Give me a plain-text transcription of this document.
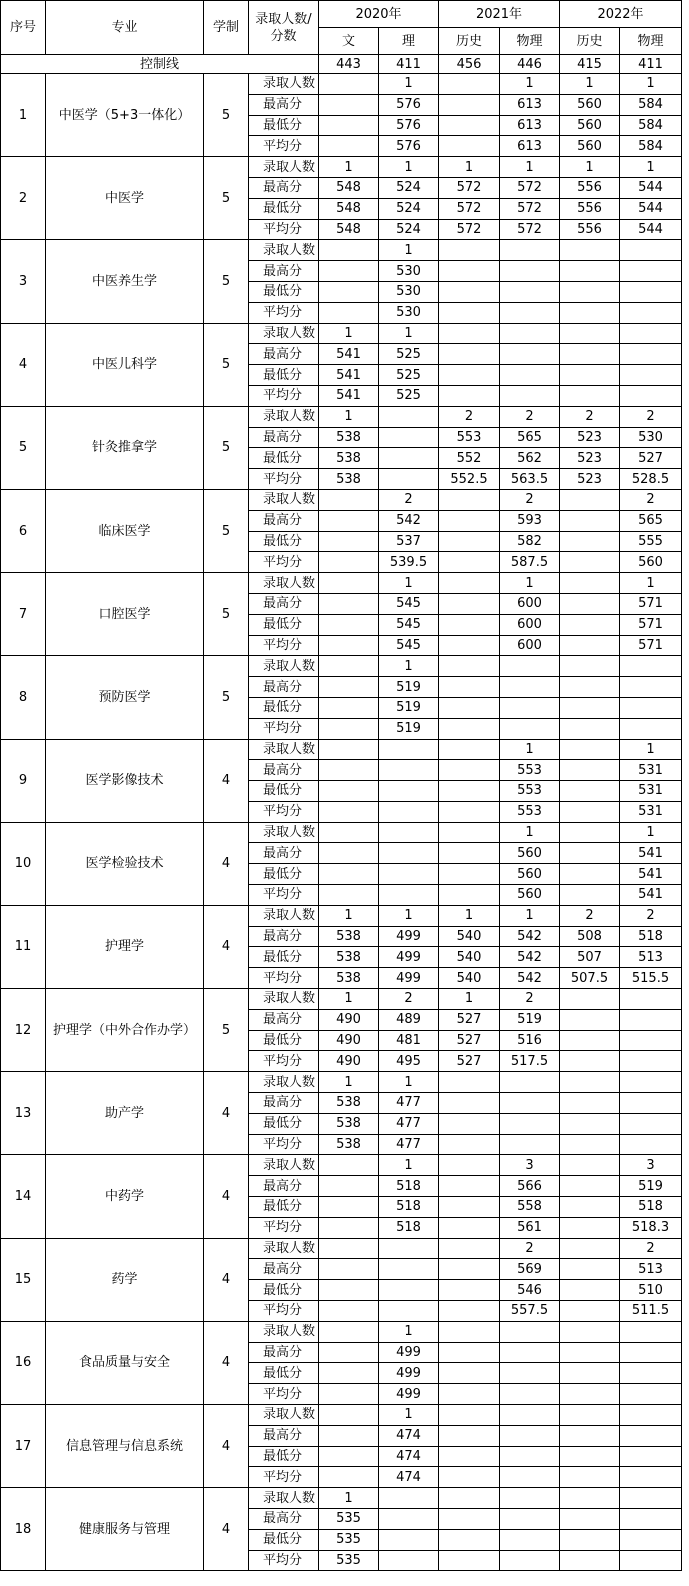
序号	专业	学制	录取人数/
分数	2020年		2021年		2022年	
				文	理	历史	物理	历史	物理
控制线				443	411	456	446	415	411
1	中医学（5+3一体化）	5	录取人数		1		1	1	1
			最高分		576		613	560	584
			最低分		576		613	560	584
			平均分		576		613	560	584
2	中医学	5	录取人数	1	1	1	1	1	1
			最高分	548	524	572	572	556	544
			最低分	548	524	572	572	556	544
			平均分	548	524	572	572	556	544
3	中医养生学	5	录取人数		1				
			最高分		530				
			最低分		530				
			平均分		530				
4	中医儿科学	5	录取人数	1	1				
			最高分	541	525				
			最低分	541	525				
			平均分	541	525				
5	针灸推拿学	5	录取人数	1		2	2	2	2
			最高分	538		553	565	523	530
			最低分	538		552	562	523	527
			平均分	538		552.5	563.5	523	528.5
6	临床医学	5	录取人数		2		2		2
			最高分		542		593		565
			最低分		537		582		555
			平均分		539.5		587.5		560
7	口腔医学	5	录取人数		1		1		1
			最高分		545		600		571
			最低分		545		600		571
			平均分		545		600		571
8	预防医学	5	录取人数		1				
			最高分		519				
			最低分		519				
			平均分		519				
9	医学影像技术	4	录取人数				1		1
			最高分				553		531
			最低分				553		531
			平均分				553		531
10	医学检验技术	4	录取人数				1		1
			最高分				560		541
			最低分				560		541
			平均分				560		541
11	护理学	4	录取人数	1	1	1	1	2	2
			最高分	538	499	540	542	508	518
			最低分	538	499	540	542	507	513
			平均分	538	499	540	542	507.5	515.5
12	护理学（中外合作办学）	5	录取人数	1	2	1	2		
			最高分	490	489	527	519		
			最低分	490	481	527	516		
			平均分	490	495	527	517.5		
13	助产学	4	录取人数	1	1				
			最高分	538	477				
			最低分	538	477				
			平均分	538	477				
14	中药学	4	录取人数		1		3		3
			最高分		518		566		519
			最低分		518		558		518
			平均分		518		561		518.3
15	药学	4	录取人数				2		2
			最高分				569		513
			最低分				546		510
			平均分				557.5		511.5
16	食品质量与安全	4	录取人数		1				
			最高分		499				
			最低分		499				
			平均分		499				
17	信息管理与信息系统	4	录取人数		1				
			最高分		474				
			最低分		474				
			平均分		474				
18	健康服务与管理	4	录取人数	1					
			最高分	535					
			最低分	535					
			平均分	535					
